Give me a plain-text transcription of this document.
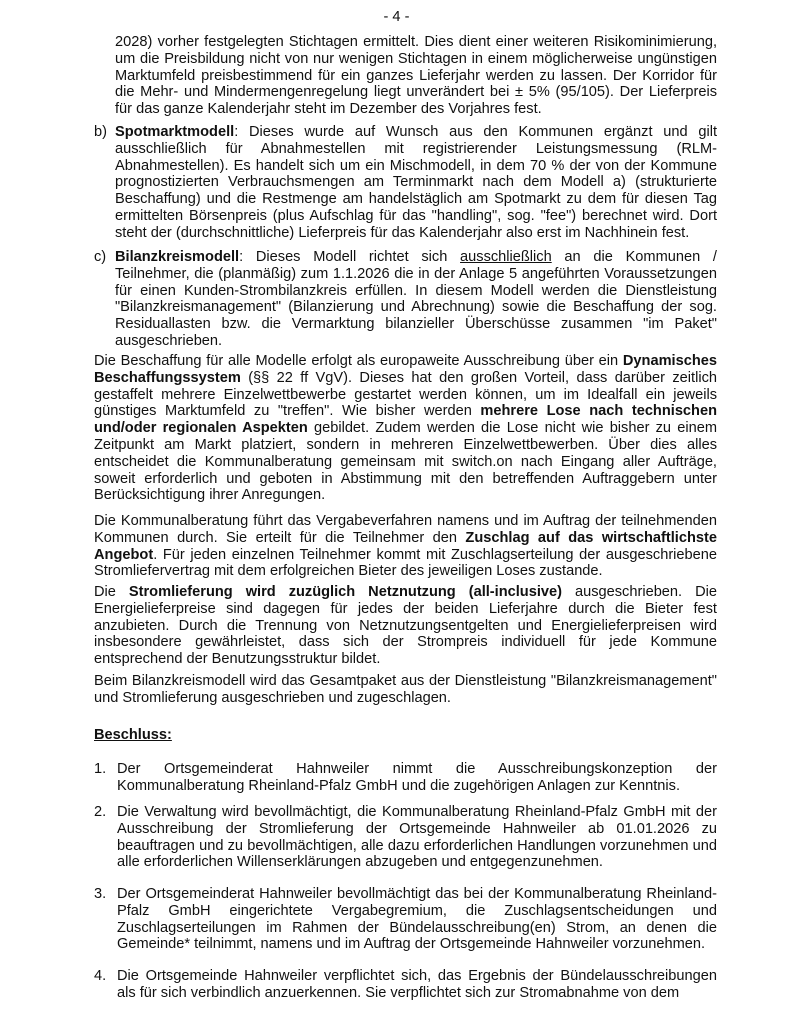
- 4 -
2028) vorher festgelegten Stichtagen ermittelt. Dies dient einer weiteren Risikominimierung, um die Preisbildung nicht von nur wenigen Stichtagen in einem möglicherweise ungünstigen Marktumfeld preisbestimmend für ein ganzes Lieferjahr werden zu lassen. Der Korridor für die Mehr- und Mindermengenregelung liegt unverändert bei ± 5% (95/105). Der Lieferpreis für das ganze Kalenderjahr steht im Dezember des Vorjahres fest.
b) Spotmarktmodell: Dieses wurde auf Wunsch aus den Kommunen ergänzt und gilt ausschließlich für Abnahmestellen mit registrierender Leistungsmessung (RLM-Abnahmestellen). Es handelt sich um ein Mischmodell, in dem 70 % der von der Kommune prognostizierten Verbrauchsmengen am Terminmarkt nach dem Modell a) (strukturierte Beschaffung) und die Restmenge am handelstäglich am Spotmarkt zu dem für diesen Tag ermittelten Börsenpreis (plus Aufschlag für das "handling", sog. "fee") berechnet wird. Dort steht der (durchschnittliche) Lieferpreis für das Kalenderjahr also erst im Nachhinein fest.
c) Bilanzkreismodell: Dieses Modell richtet sich ausschließlich an die Kommunen / Teilnehmer, die (planmäßig) zum 1.1.2026 die in der Anlage 5 angeführten Voraussetzungen für einen Kunden-Strombilanzkreis erfüllen. In diesem Modell werden die Dienstleistung "Bilanzkreismanagement" (Bilanzierung und Abrechnung) sowie die Beschaffung der sog. Residuallasten bzw. die Vermarktung bilanzieller Überschüsse zusammen "im Paket" ausgeschrieben.
Die Beschaffung für alle Modelle erfolgt als europaweite Ausschreibung über ein Dynamisches Beschaffungssystem (§§ 22 ff VgV). Dieses hat den großen Vorteil, dass darüber zeitlich gestaffelt mehrere Einzelwettbewerbe gestartet werden können, um im Idealfall ein jeweils günstiges Marktumfeld zu "treffen". Wie bisher werden mehrere Lose nach technischen und/oder regionalen Aspekten gebildet. Zudem werden die Lose nicht wie bisher zu einem Zeitpunkt am Markt platziert, sondern in mehreren Einzelwettbewerben. Über dies alles entscheidet die Kommunalberatung gemeinsam mit switch.on nach Eingang aller Aufträge, soweit erforderlich und geboten in Abstimmung mit den betreffenden Auftraggebern unter Berücksichtigung ihrer Anregungen.
Die Kommunalberatung führt das Vergabeverfahren namens und im Auftrag der teilnehmenden Kommunen durch. Sie erteilt für die Teilnehmer den Zuschlag auf das wirtschaftlichste Angebot. Für jeden einzelnen Teilnehmer kommt mit Zuschlagserteilung der ausgeschriebene Stromliefervertrag mit dem erfolgreichen Bieter des jeweiligen Loses zustande.
Die Stromlieferung wird zuzüglich Netznutzung (all-inclusive) ausgeschrieben. Die Energielieferpreise sind dagegen für jedes der beiden Lieferjahre durch die Bieter fest anzubieten. Durch die Trennung von Netznutzungsentgelten und Energielieferpreisen wird insbesondere gewährleistet, dass sich der Strompreis individuell für jede Kommune entsprechend der Benutzungsstruktur bildet.
Beim Bilanzkreismodell wird das Gesamtpaket aus der Dienstleistung "Bilanzkreismanagement" und Stromlieferung ausgeschrieben und zugeschlagen.
Beschluss:
1. Der Ortsgemeinderat Hahnweiler nimmt die Ausschreibungskonzeption der Kommunalberatung Rheinland-Pfalz GmbH und die zugehörigen Anlagen zur Kenntnis.
2. Die Verwaltung wird bevollmächtigt, die Kommunalberatung Rheinland-Pfalz GmbH mit der Ausschreibung der Stromlieferung der Ortsgemeinde Hahnweiler ab 01.01.2026 zu beauftragen und zu bevollmächtigen, alle dazu erforderlichen Handlungen vorzunehmen und alle erforderlichen Willenserklärungen abzugeben und entgegenzunehmen.
3. Der Ortsgemeinderat Hahnweiler bevollmächtigt das bei der Kommunalberatung Rheinland-Pfalz GmbH eingerichtete Vergabegremium, die Zuschlagsentscheidungen und Zuschlagserteilungen im Rahmen der Bündelausschreibung(en) Strom, an denen die Gemeinde* teilnimmt, namens und im Auftrag der Ortsgemeinde Hahnweiler vorzunehmen.
4. Die Ortsgemeinde Hahnweiler verpflichtet sich, das Ergebnis der Bündelausschreibungen als für sich verbindlich anzuerkennen. Sie verpflichtet sich zur Stromabnahme von dem
